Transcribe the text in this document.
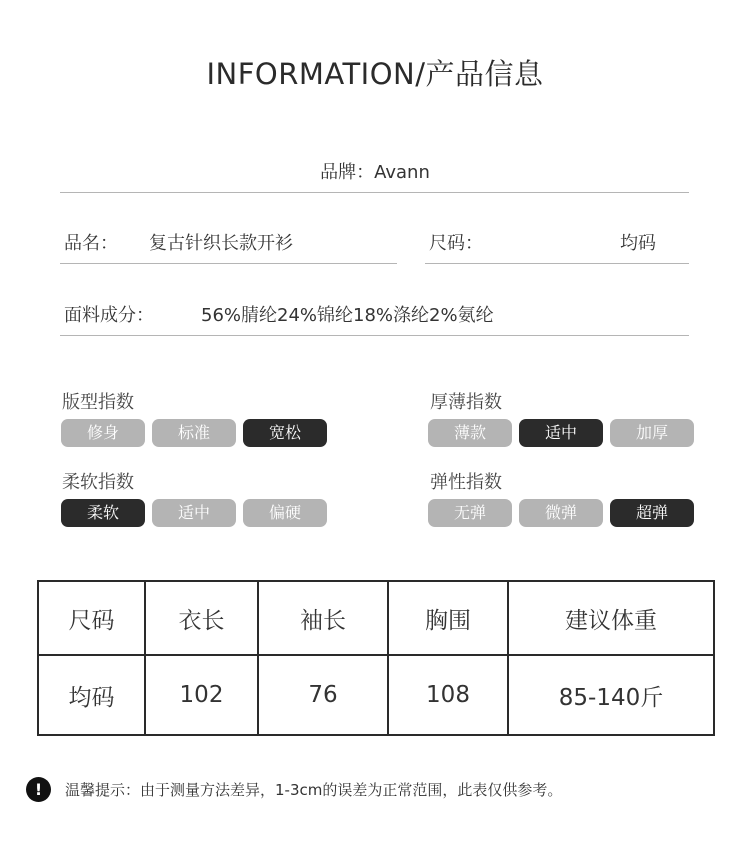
INFORMATION/产品信息
品牌：Avann
品名： 复古针织长款开衫	尺码：	均码
面料成分：	56%腈纶24%锦纶18%涤纶2%氨纶
版型指数
修身	标准	宽松
厚薄指数
薄款	适中	加厚
柔软指数
柔软	适中	偏硬
弹性指数
无弹	微弹	超弹
尺码	衣长	袖长	胸围	建议体重
均码	102	76	108	85-140斤
!	温馨提示：由于测量方法差异，1-3cm的误差为正常范围，此表仅供参考。
